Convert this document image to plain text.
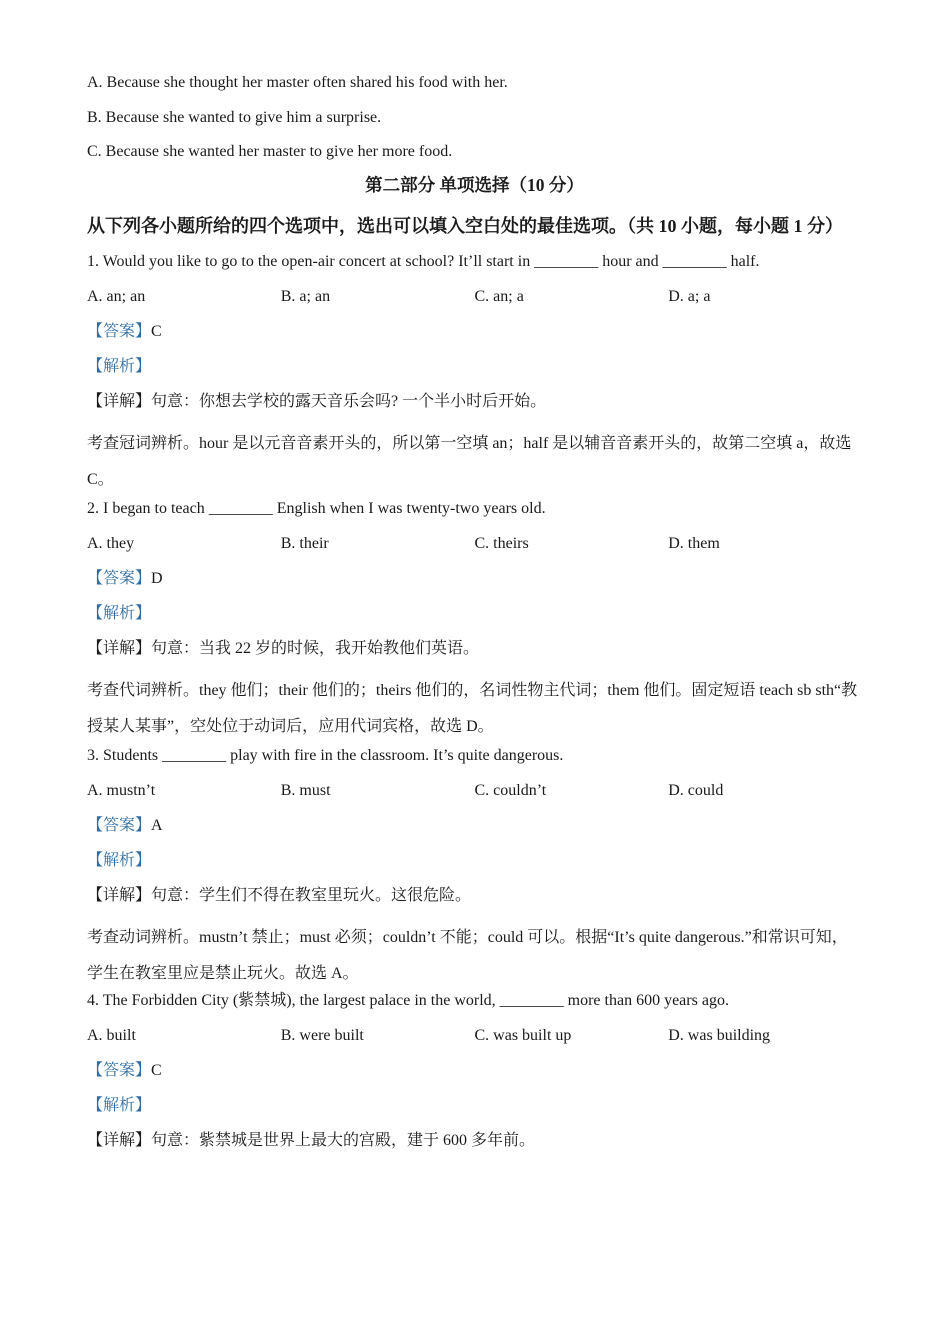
A. Because she thought her master often shared his food with her.

B. Because she wanted to give him a surprise.

C. Because she wanted her master to give her more food.

第二部分 单项选择（10 分）

从下列各小题所给的四个选项中，选出可以填入空白处的最佳选项。（共 10 小题，每小题 1 分）

1. Would you like to go to the open-air concert at school? It’ll start in ________ hour and ________ half.

A. an; an	B. a; an	C. an; a	D. a; a

【答案】C

【解析】

【详解】句意：你想去学校的露天音乐会吗? 一个半小时后开始。

考查冠词辨析。hour 是以元音音素开头的，所以第一空填 an；half 是以辅音音素开头的，故第二空填 a，故选 C。

2. I began to teach ________ English when I was twenty-two years old.

A. they	B. their	C. theirs	D. them

【答案】D

【解析】

【详解】句意：当我 22 岁的时候，我开始教他们英语。

考查代词辨析。they 他们；their 他们的；theirs 他们的，名词性物主代词；them 他们。固定短语 teach sb sth“教授某人某事”，空处位于动词后，应用代词宾格，故选 D。

3. Students ________ play with fire in the classroom. It’s quite dangerous.

A. mustn’t	B. must	C. couldn’t	D. could

【答案】A

【解析】

【详解】句意：学生们不得在教室里玩火。这很危险。

考查动词辨析。mustn’t 禁止；must 必须；couldn’t 不能；could 可以。根据“It’s quite dangerous.”和常识可知，学生在教室里应是禁止玩火。故选 A。

4. The Forbidden City (紫禁城), the largest palace in the world, ________ more than 600 years ago.

A. built	B. were built	C. was built up	D. was building

【答案】C

【解析】

【详解】句意：紫禁城是世界上最大的宫殿，建于 600 多年前。
